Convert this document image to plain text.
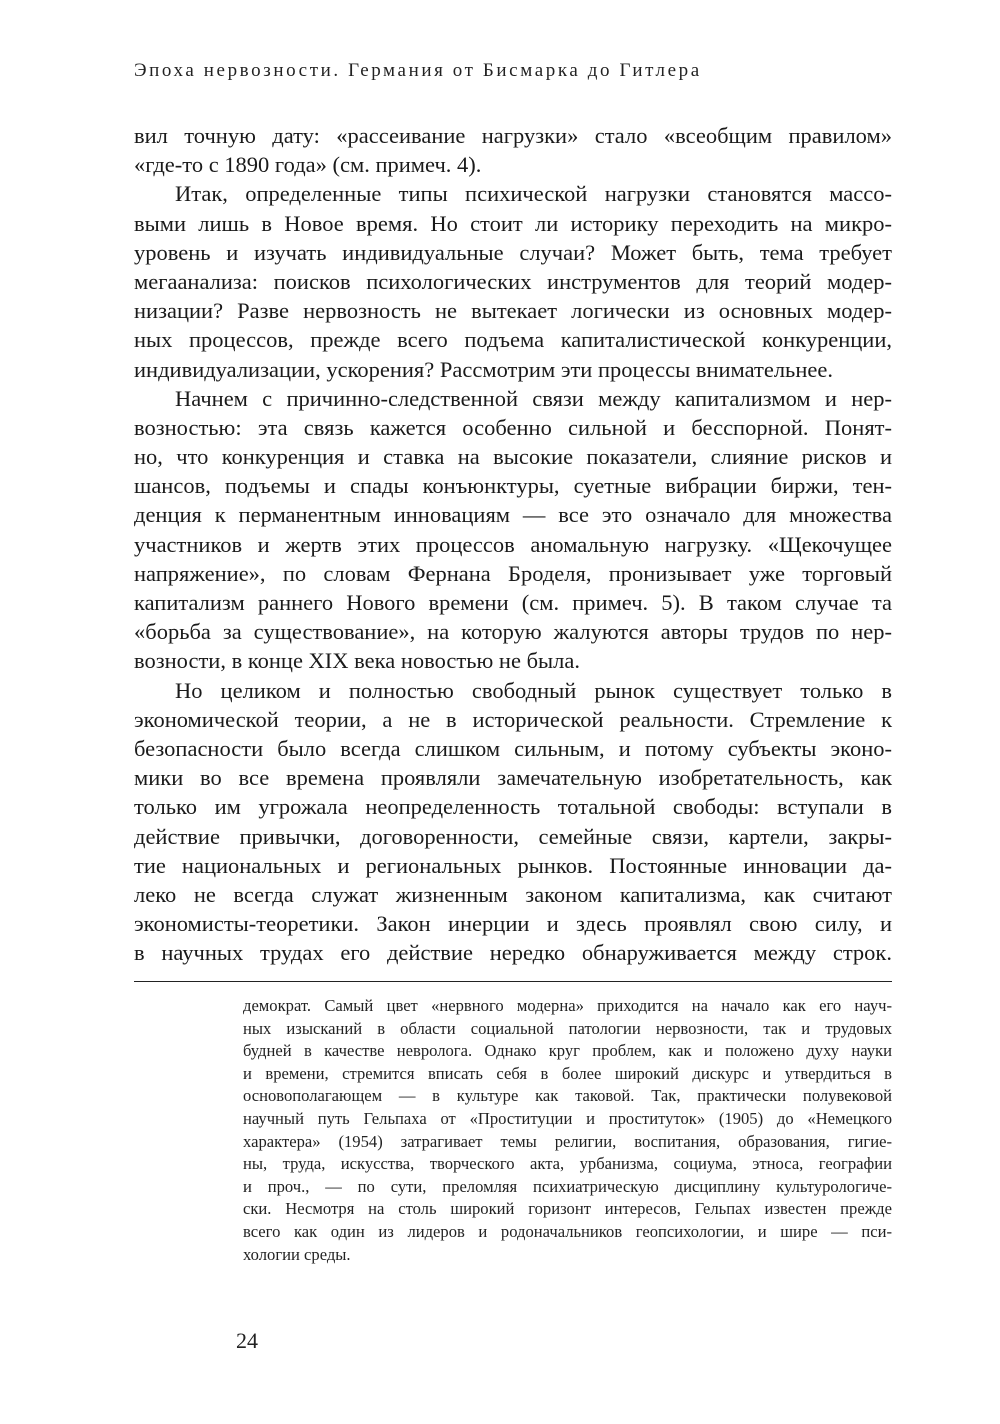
Эпоха нервозности. Германия от Бисмарка до Гитлера
вил точную дату: «рассеивание нагрузки» стало «всеобщим правилом»
«где-то с 1890 года» (см. примеч. 4).
Итак, определенные типы психической нагрузки становятся массо-
выми лишь в Новое время. Но стоит ли историку переходить на микро-
уровень и изучать индивидуальные случаи? Может быть, тема требует
мегаанализа: поисков психологических инструментов для теорий модер-
низации? Разве нервозность не вытекает логически из основных модер-
ных процессов, прежде всего подъема капиталистической конкуренции,
индивидуализации, ускорения? Рассмотрим эти процессы внимательнее.
Начнем с причинно-следственной связи между капитализмом и нер-
возностью: эта связь кажется особенно сильной и бесспорной. Понят-
но, что конкуренция и ставка на высокие показатели, слияние рисков и
шансов, подъемы и спады конъюнктуры, суетные вибрации биржи, тен-
денция к перманентным инновациям — все это означало для множества
участников и жертв этих процессов аномальную нагрузку. «Щекочущее
напряжение», по словам Фернана Броделя, пронизывает уже торговый
капитализм раннего Нового времени (см. примеч. 5). В таком случае та
«борьба за существование», на которую жалуются авторы трудов по нер-
возности, в конце XIX века новостью не была.
Но целиком и полностью свободный рынок существует только в
экономической теории, а не в исторической реальности. Стремление к
безопасности было всегда слишком сильным, и потому субъекты эконо-
мики во все времена проявляли замечательную изобретательность, как
только им угрожала неопределенность тотальной свободы: вступали в
действие привычки, договоренности, семейные связи, картели, закры-
тие национальных и региональных рынков. Постоянные инновации да-
леко не всегда служат жизненным законом капитализма, как считают
экономисты-теоретики. Закон инерции и здесь проявлял свою силу, и
в научных трудах его действие нередко обнаруживается между строк.
демократ. Самый цвет «нервного модерна» приходится на начало как его науч-
ных изысканий в области социальной патологии нервозности, так и трудовых
будней в качестве невролога. Однако круг проблем, как и положено духу науки
и времени, стремится вписать себя в более широкий дискурс и утвердиться в
основополагающем — в культуре как таковой. Так, практически полувековой
научный путь Гельпаха от «Проституции и проституток» (1905) до «Немецкого
характера» (1954) затрагивает темы религии, воспитания, образования, гигие-
ны, труда, искусства, творческого акта, урбанизма, социума, этноса, географии
и проч., — по сути, преломляя психиатрическую дисциплину культурологиче-
ски. Несмотря на столь широкий горизонт интересов, Гельпах известен прежде
всего как один из лидеров и родоначальников геопсихологии, и шире — пси-
хологии среды.
24
